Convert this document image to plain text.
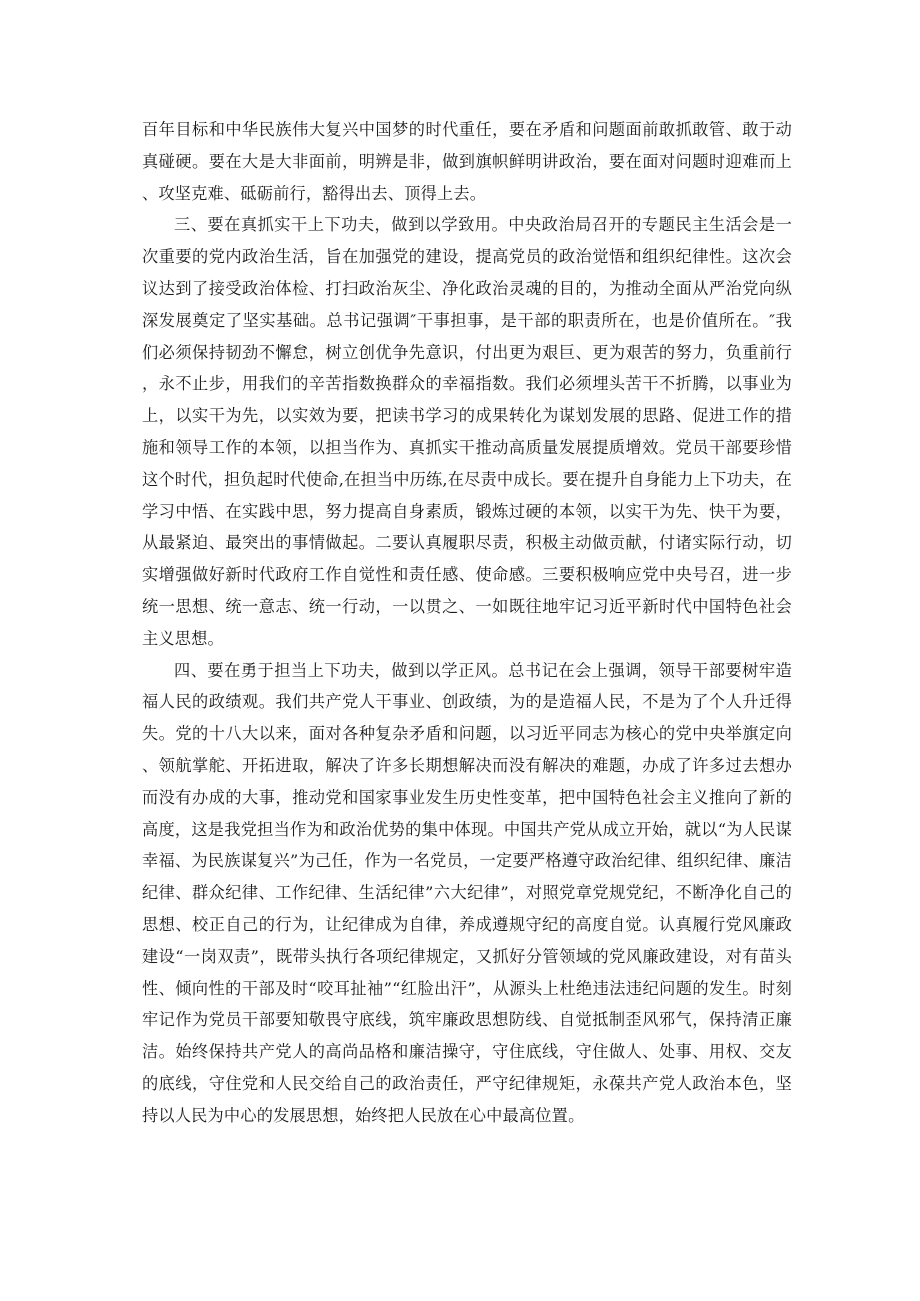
百年目标和中华民族伟大复兴中国梦的时代重任，要在矛盾和问题面前敢抓敢管、敢于动真碰硬。要在大是大非面前，明辨是非，做到旗帜鲜明讲政治，要在面对问题时迎难而上、攻坚克难、砥砺前行，豁得出去、顶得上去。

三、要在真抓实干上下功夫，做到以学致用。中央政治局召开的专题民主生活会是一次重要的党内政治生活，旨在加强党的建设，提高党员的政治觉悟和组织纪律性。这次会议达到了接受政治体检、打扫政治灰尘、净化政治灵魂的目的，为推动全面从严治党向纵深发展奠定了坚实基础。总书记强调″干事担事，是干部的职责所在，也是价值所在。″我们必须保持韧劲不懈怠，树立创优争先意识，付出更为艰巨、更为艰苦的努力，负重前行，永不止步，用我们的辛苦指数换群众的幸福指数。我们必须埋头苦干不折腾，以事业为上，以实干为先，以实效为要，把读书学习的成果转化为谋划发展的思路、促进工作的措施和领导工作的本领，以担当作为、真抓实干推动高质量发展提质增效。党员干部要珍惜这个时代，担负起时代使命,在担当中历练,在尽责中成长。要在提升自身能力上下功夫，在学习中悟、在实践中思，努力提高自身素质，锻炼过硬的本领，以实干为先、快干为要，从最紧迫、最突出的事情做起。二要认真履职尽责，积极主动做贡献，付诸实际行动，切实增强做好新时代政府工作自觉性和责任感、使命感。三要积极响应党中央号召，进一步统一思想、统一意志、统一行动，一以贯之、一如既往地牢记习近平新时代中国特色社会主义思想。

四、要在勇于担当上下功夫，做到以学正风。总书记在会上强调，领导干部要树牢造福人民的政绩观。我们共产党人干事业、创政绩，为的是造福人民，不是为了个人升迁得失。党的十八大以来，面对各种复杂矛盾和问题，以习近平同志为核心的党中央举旗定向、领航掌舵、开拓进取，解决了许多长期想解决而没有解决的难题，办成了许多过去想办而没有办成的大事，推动党和国家事业发生历史性变革，把中国特色社会主义推向了新的高度，这是我党担当作为和政治优势的集中体现。中国共产党从成立开始，就以“为人民谋幸福、为民族谋复兴”为己任，作为一名党员，一定要严格遵守政治纪律、组织纪律、廉洁纪律、群众纪律、工作纪律、生活纪律”六大纪律”，对照党章党规党纪，不断净化自己的思想、校正自己的行为，让纪律成为自律，养成遵规守纪的高度自觉。认真履行党风廉政建设“一岗双责”，既带头执行各项纪律规定，又抓好分管领域的党风廉政建设，对有苗头性、倾向性的干部及时“咬耳扯袖”“红脸出汗”，从源头上杜绝违法违纪问题的发生。时刻牢记作为党员干部要知敬畏守底线，筑牢廉政思想防线、自觉抵制歪风邪气，保持清正廉洁。始终保持共产党人的高尚品格和廉洁操守，守住底线，守住做人、处事、用权、交友的底线，守住党和人民交给自己的政治责任，严守纪律规矩，永葆共产党人政治本色，坚持以人民为中心的发展思想，始终把人民放在心中最高位置。
